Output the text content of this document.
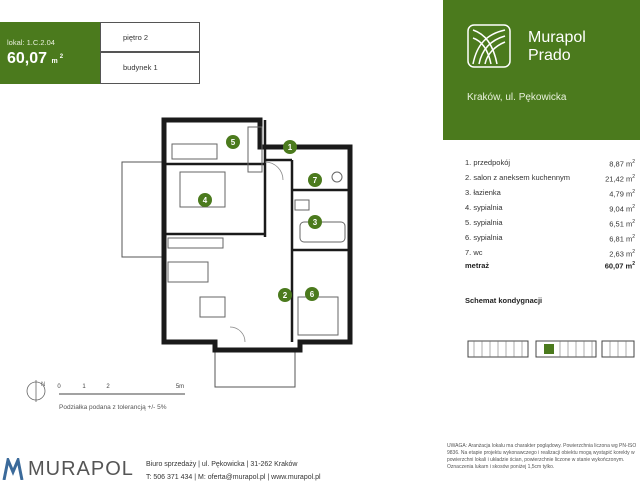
lokal: 1.C.2.04
60,07 $m^2$
piętro 2
budynek 1
1
2
3
4
5
6
7
Murapol
Prado
Kraków, ul. Pękowicka
1. przedpokój	8,87 $m^2$
2. salon z aneksem kuchennym	21,42 $m^2$
3. łazienka	4,79 $m^2$
4. sypialnia	9,04 $m^2$
5. sypialnia	6,51 $m^2$
6. sypialnia	6,81 $m^2$
7. wc	2,63 $m^2$
metraż	60,07 $m^2$
Schemat kondygnacji
N 0	1	2	5m
Podziałka podana z tolerancją +/- 5%
MURAPOL Biuro sprzedaży | ul. Pękowicka | 31-262 Kraków
T: 506 371 434 | M: oferta@murapol.pl | www.murapol.pl
UWAGA: Aranżacja lokalu ma charakter poglądowy. Powierzchnia liczona wg PN-ISO 9836. Na etapie projektu wykonawczego i realizacji obiektu mogą wystąpić korekty w powierzchni lokali i układzie ścian, powierzchnie liczone w stanie wykończonym. Oznaczenia lukarn i skosów poniżej 1,5cm tylko.
